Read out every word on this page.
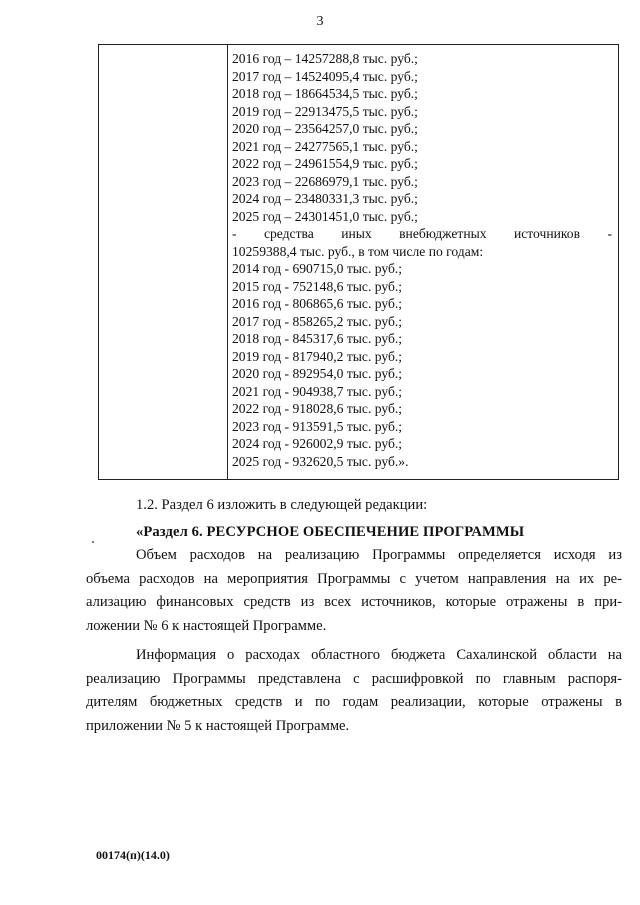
3
2016 год – 14257288,8 тыс. руб.;
2017 год – 14524095,4 тыс. руб.;
2018 год – 18664534,5 тыс. руб.;
2019 год – 22913475,5 тыс. руб.;
2020 год – 23564257,0 тыс. руб.;
2021 год – 24277565,1 тыс. руб.;
2022 год – 24961554,9 тыс. руб.;
2023 год – 22686979,1 тыс. руб.;
2024 год – 23480331,3 тыс. руб.;
2025 год – 24301451,0 тыс. руб.;
- средства иных внебюджетных источников -
10259388,4 тыс. руб., в том числе по годам:
2014 год - 690715,0 тыс. руб.;
2015 год - 752148,6 тыс. руб.;
2016 год - 806865,6 тыс. руб.;
2017 год - 858265,2 тыс. руб.;
2018 год - 845317,6 тыс. руб.;
2019 год - 817940,2 тыс. руб.;
2020 год - 892954,0 тыс. руб.;
2021 год - 904938,7 тыс. руб.;
2022 год - 918028,6 тыс. руб.;
2023 год - 913591,5 тыс. руб.;
2024 год - 926002,9 тыс. руб.;
2025 год - 932620,5 тыс. руб.».

1.2. Раздел 6 изложить в следующей редакции:

«Раздел 6. РЕСУРСНОЕ ОБЕСПЕЧЕНИЕ ПРОГРАММЫ

Объем расходов на реализацию Программы определяется исходя из
объема расходов на мероприятия Программы с учетом направления на их ре-
ализацию финансовых средств из всех источников, которые отражены в при-
ложении № 6 к настоящей Программе.
Информация о расходах областного бюджета Сахалинской области на
реализацию Программы представлена с расшифровкой по главным распоря-
дителям бюджетных средств и по годам реализации, которые отражены в
приложении № 5 к настоящей Программе.
00174(п)(14.0)
